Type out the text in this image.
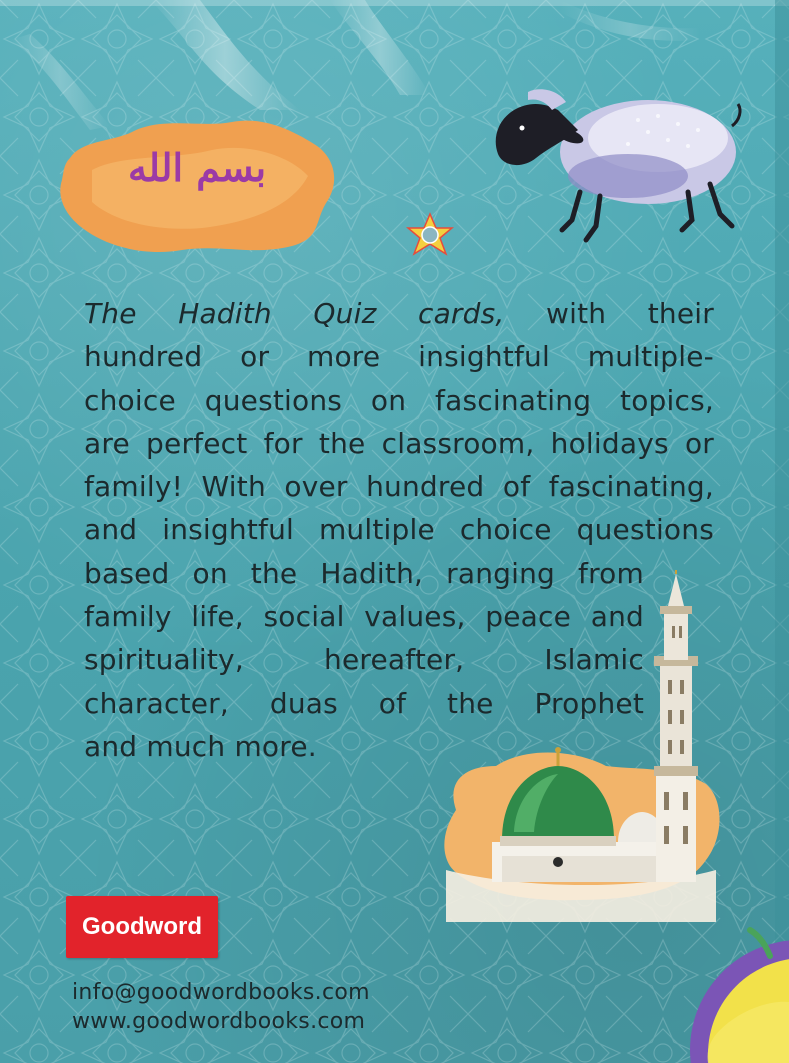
بسم الله

The Hadith Quiz cards, with their
hundred or more insightful multiple-
choice questions on fascinating topics,
are perfect for the classroom, holidays or
family! With over hundred of fascinating,
and insightful multiple choice questions
based on the Hadith, ranging from
family life, social values, peace and
spirituality, hereafter, Islamic
character, duas of the Prophet
and much more.

Goodword
info@goodwordbooks.com
www.goodwordbooks.com
